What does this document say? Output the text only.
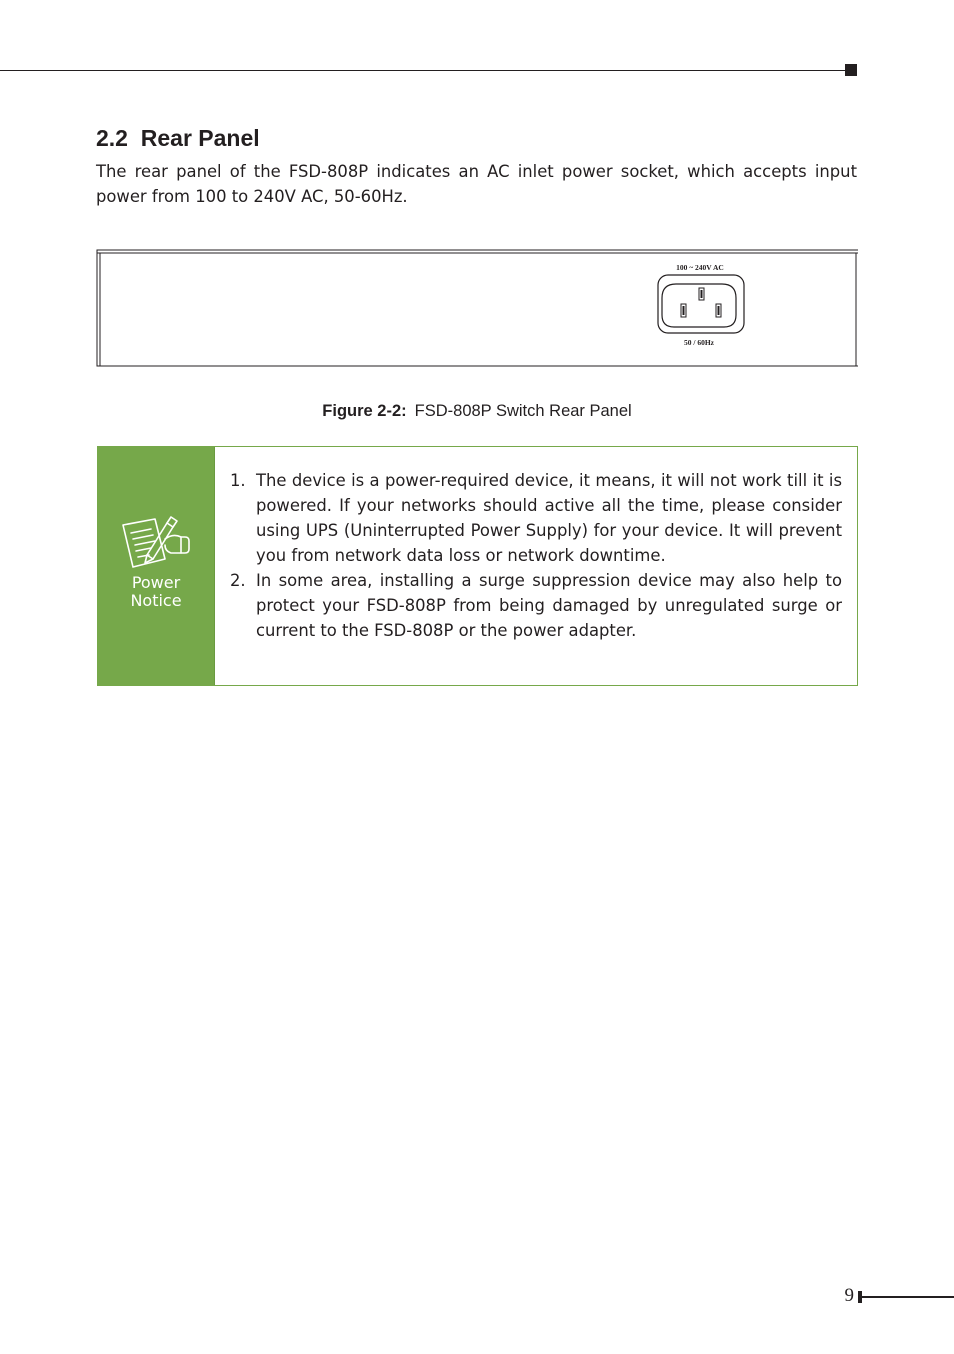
2.2 Rear Panel

The rear panel of the FSD-808P indicates an AC inlet power socket, which accepts input power from 100 to 240V AC, 50-60Hz.

100 ~ 240V AC
50 / 60Hz
Figure 2-2: FSD-808P Switch Rear Panel
Power
Notice
1. The device is a power-required device, it means, it will not work till it is powered. If your networks should active all the time, please consider using UPS (Uninterrupted Power Supply) for your device. It will prevent you from network data loss or network downtime.
2. In some area, installing a surge suppression device may also help to protect your FSD-808P from being damaged by unregulated surge or current to the FSD-808P or the power adapter.
9
